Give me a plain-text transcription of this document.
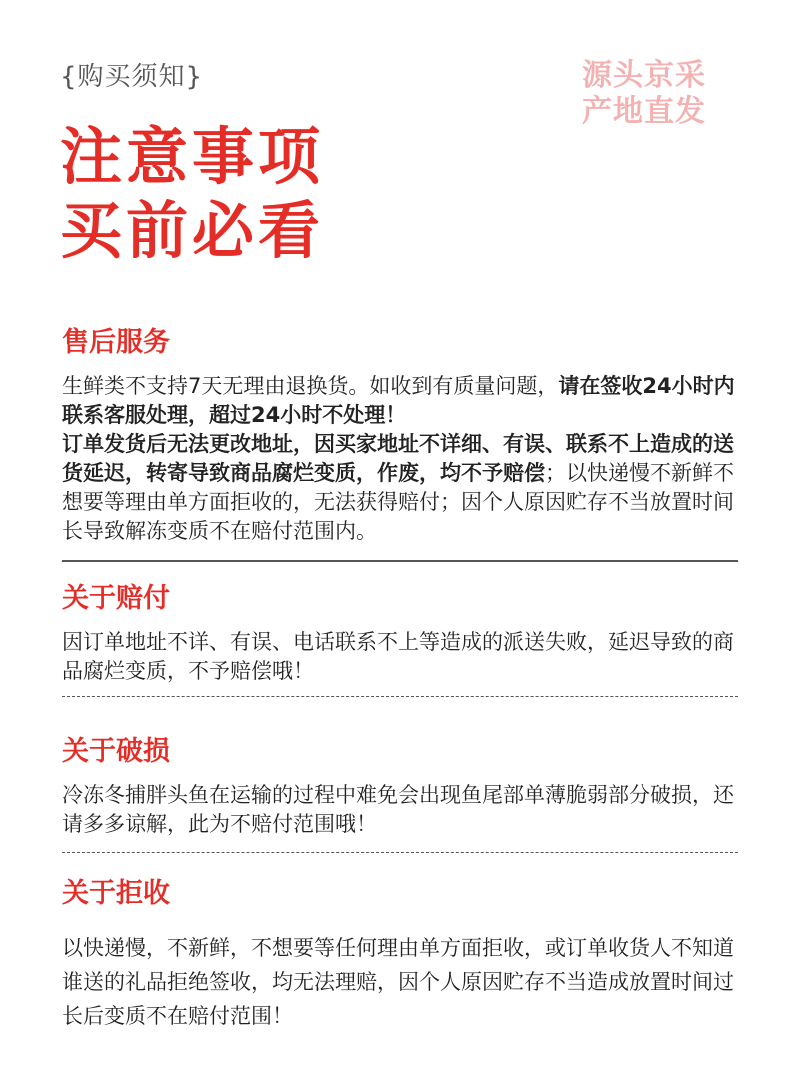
{购买须知}	源头京采
产地直发
注意事项
买前必看
售后服务
生鲜类不支持7天无理由退换货。如收到有质量问题，请在签收24小时内联系客服处理，超过24小时不处理！
订单发货后无法更改地址，因买家地址不详细、有误、联系不上造成的送货延迟，转寄导致商品腐烂变质，作废，均不予赔偿；以快递慢不新鲜不想要等理由单方面拒收的，无法获得赔付；因个人原因贮存不当放置时间长导致解冻变质不在赔付范围内。
关于赔付
因订单地址不详、有误、电话联系不上等造成的派送失败，延迟导致的商品腐烂变质，不予赔偿哦！
关于破损
冷冻冬捕胖头鱼在运输的过程中难免会出现鱼尾部单薄脆弱部分破损，还请多多谅解，此为不赔付范围哦！
关于拒收
以快递慢，不新鲜，不想要等任何理由单方面拒收，或订单收货人不知道谁送的礼品拒绝签收，均无法理赔，因个人原因贮存不当造成放置时间过长后变质不在赔付范围！
